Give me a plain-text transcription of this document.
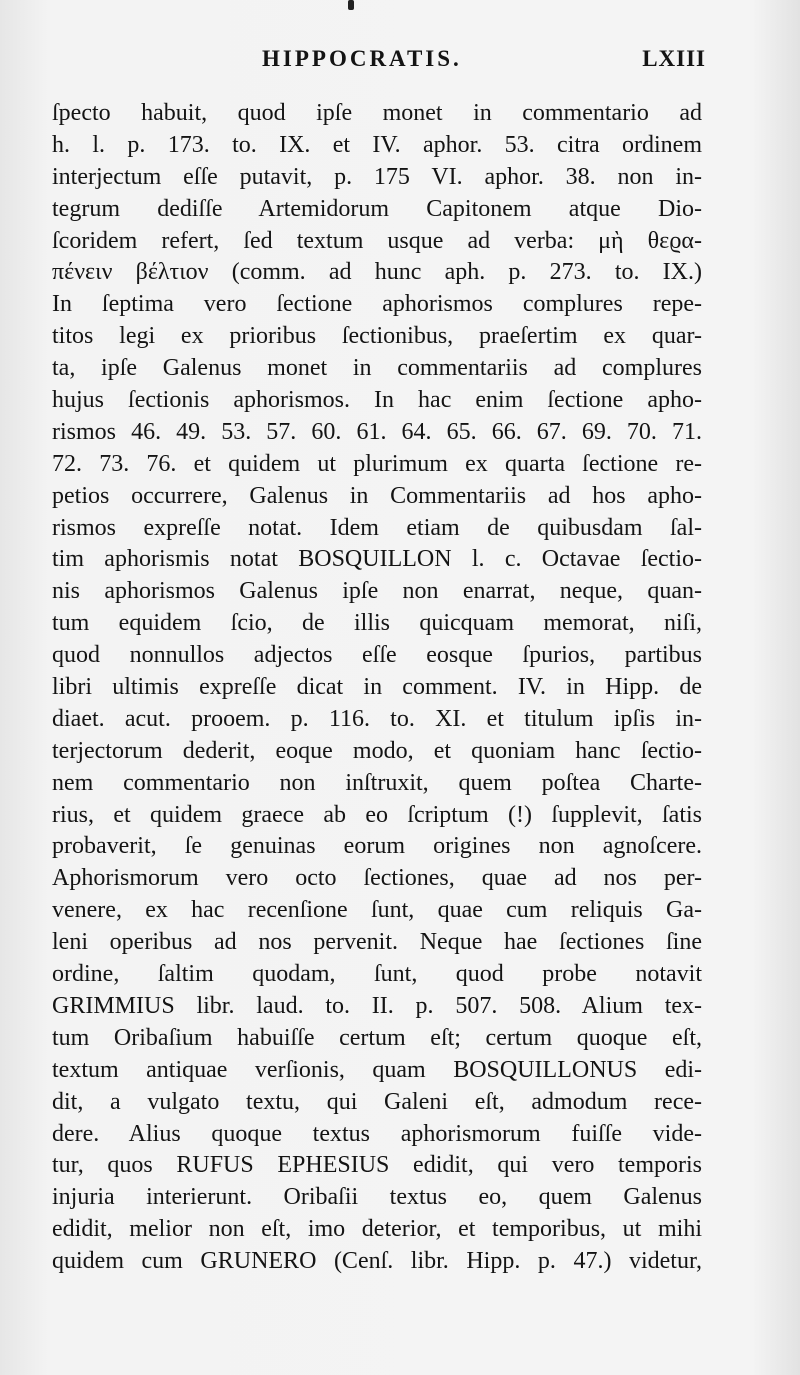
HIPPOCRATIS.	LXIII
ſpecto habuit, quod ipſe monet in commentario ad
h. l. p. 173. to. IX. et IV. aphor. 53. citra ordinem
interjectum eſſe putavit, p. 175 VI. aphor. 38. non in-
tegrum dediſſe Artemidorum Capitonem atque Dio-
ſcoridem refert, ſed textum usque ad verba: μὴ θεϱα-
πένειν βέλτιον (comm. ad hunc aph. p. 273. to. IX.)
In ſeptima vero ſectione aphorismos complures repe-
titos legi ex prioribus ſectionibus, praeſertim ex quar-
ta, ipſe Galenus monet in commentariis ad complures
hujus ſectionis aphorismos. In hac enim ſectione apho-
rismos 46. 49. 53. 57. 60. 61. 64. 65. 66. 67. 69. 70. 71.
72. 73. 76. et quidem ut plurimum ex quarta ſectione re-
petios occurrere, Galenus in Commentariis ad hos apho-
rismos expreſſe notat. Idem etiam de quibusdam ſal-
tim aphorismis notat BOSQUILLON l. c. Octavae ſectio-
nis aphorismos Galenus ipſe non enarrat, neque, quan-
tum equidem ſcio, de illis quicquam memorat, niſi,
quod nonnullos adjectos eſſe eosque ſpurios, partibus
libri ultimis expreſſe dicat in comment. IV. in Hipp. de
diaet. acut. prooem. p. 116. to. XI. et titulum ipſis in-
terjectorum dederit, eoque modo, et quoniam hanc ſectio-
nem commentario non inſtruxit, quem poſtea Charte-
rius, et quidem graece ab eo ſcriptum (!) ſupplevit, ſatis
probaverit, ſe genuinas eorum origines non agnoſcere.
Aphorismorum vero octo ſectiones, quae ad nos per-
venere, ex hac recenſione ſunt, quae cum reliquis Ga-
leni operibus ad nos pervenit. Neque hae ſectiones ſine
ordine, ſaltim quodam, ſunt, quod probe notavit
GRIMMIUS libr. laud. to. II. p. 507. 508. Alium tex-
tum Oribaſium habuiſſe certum eſt; certum quoque eſt,
textum antiquae verſionis, quam BOSQUILLONUS edi-
dit, a vulgato textu, qui Galeni eſt, admodum rece-
dere. Alius quoque textus aphorismorum fuiſſe vide-
tur, quos RUFUS EPHESIUS edidit, qui vero temporis
injuria interierunt. Oribaſii textus eo, quem Galenus
edidit, melior non eſt, imo deterior, et temporibus, ut mihi
quidem cum GRUNERO (Cenſ. libr. Hipp. p. 47.) videtur,
